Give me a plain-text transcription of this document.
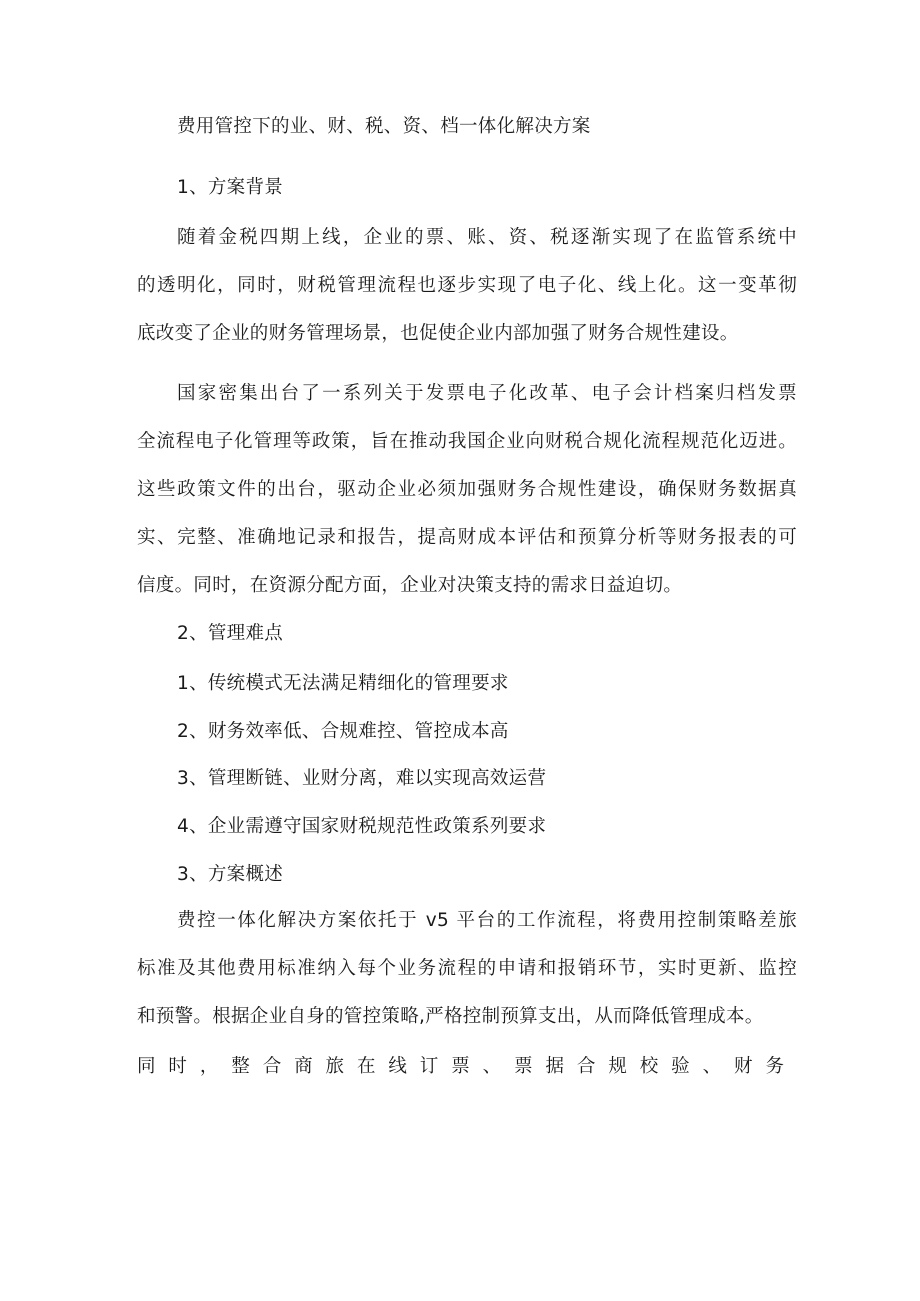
费用管控下的业、财、税、资、档一体化解决方案
1、方案背景
随着金税四期上线，企业的票、账、资、税逐渐实现了在监管系统中
的透明化，同时，财税管理流程也逐步实现了电子化、线上化。这一变革彻
底改变了企业的财务管理场景，也促使企业内部加强了财务合规性建设。
国家密集出台了一系列关于发票电子化改革、电子会计档案归档发票
全流程电子化管理等政策，旨在推动我国企业向财税合规化流程规范化迈进。
这些政策文件的出台，驱动企业必须加强财务合规性建设，确保财务数据真
实、完整、准确地记录和报告，提高财成本评估和预算分析等财务报表的可
信度。同时，在资源分配方面，企业对决策支持的需求日益迫切。
2、管理难点
1、传统模式无法满足精细化的管理要求
2、财务效率低、合规难控、管控成本高
3、管理断链、业财分离，难以实现高效运营
4、企业需遵守国家财税规范性政策系列要求
3、方案概述
费控一体化解决方案依托于 v5 平台的工作流程，将费用控制策略差旅
标准及其他费用标准纳入每个业务流程的申请和报销环节，实时更新、监控
和预警。根据企业自身的管控策略,严格控制预算支出，从而降低管理成本。
同 时 ， 整 合 商 旅 在 线 订 票 、 票 据 合 规 校 验 、 财 务
